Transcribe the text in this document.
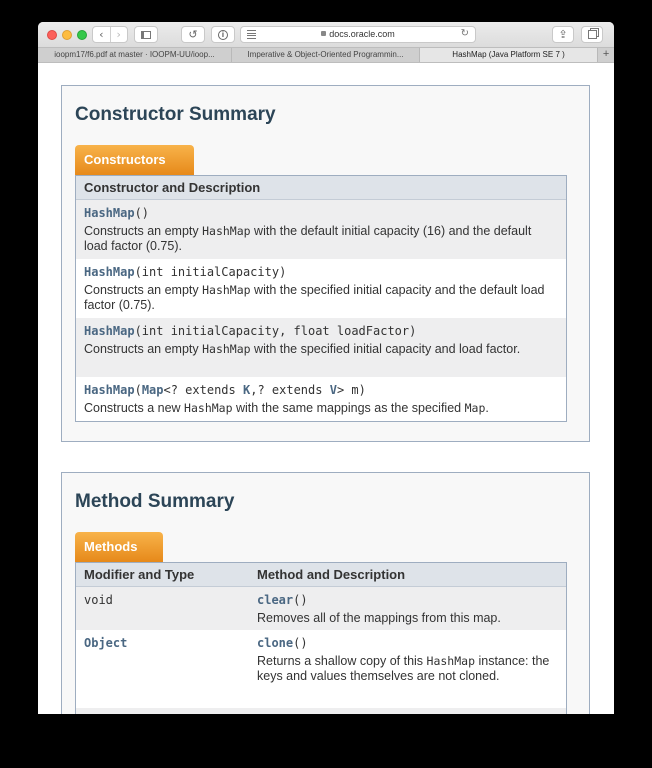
‹	›	↺	i	docs.oracle.com	↻	⇪
ioopm17/f6.pdf at master · IOOPM-UU/ioop...	Imperative & Object-Oriented Programmin...	HashMap (Java Platform SE 7 )	+
Constructor Summary
Constructors
Constructor and Description
HashMap()
Constructs an empty HashMap with the default initial capacity (16) and the default load factor (0.75).
HashMap(int initialCapacity)
Constructs an empty HashMap with the specified initial capacity and the default load factor (0.75).
HashMap(int initialCapacity, float loadFactor)
Constructs an empty HashMap with the specified initial capacity and load factor.
HashMap(Map<? extends K,? extends V> m)
Constructs a new HashMap with the same mappings as the specified Map.
Method Summary
Methods
Modifier and Type	Method and Description
void	clear()
Removes all of the mappings from this map.
Object	clone()
Returns a shallow copy of this HashMap instance: the keys and values themselves are not cloned.
